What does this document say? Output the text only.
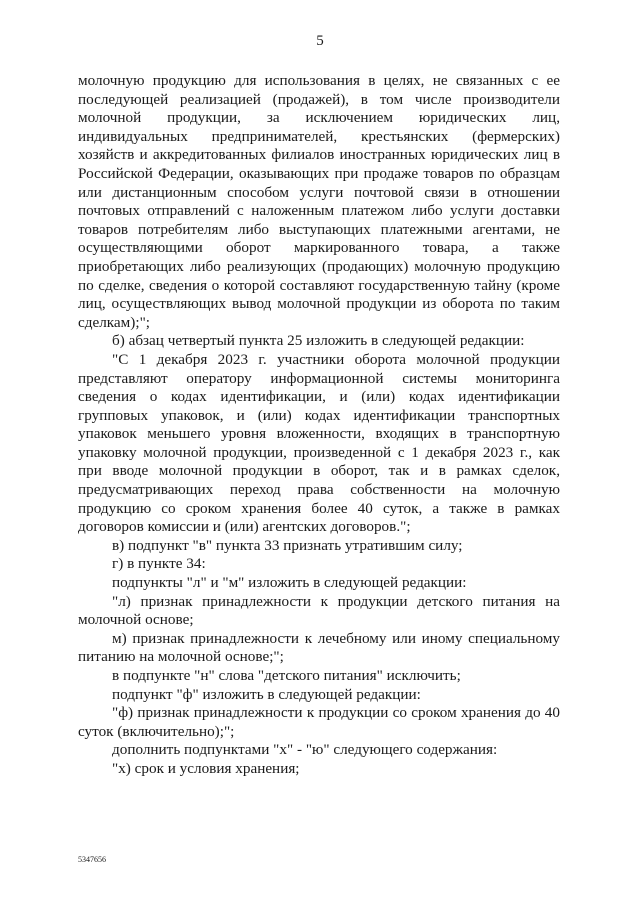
5

молочную продукцию для использования в целях, не связанных с ее последующей реализацией (продажей), в том числе производители молочной продукции, за исключением юридических лиц, индивидуальных предпринимателей, крестьянских (фермерских) хозяйств и аккредитованных филиалов иностранных юридических лиц в Российской Федерации, оказывающих при продаже товаров по образцам или дистанционным способом услуги почтовой связи в отношении почтовых отправлений с наложенным платежом либо услуги доставки товаров потребителям либо выступающих платежными агентами, не осуществляющими оборот маркированного товара, а также приобретающих либо реализующих (продающих) молочную продукцию по сделке, сведения о которой составляют государственную тайну (кроме лиц, осуществляющих вывод молочной продукции из оборота по таким сделкам);";

б) абзац четвертый пункта 25 изложить в следующей редакции:

"С 1 декабря 2023 г. участники оборота молочной продукции представляют оператору информационной системы мониторинга сведения о кодах идентификации, и (или) кодах идентификации групповых упаковок, и (или) кодах идентификации транспортных упаковок меньшего уровня вложенности, входящих в транспортную упаковку молочной продукции, произведенной с 1 декабря 2023 г., как при вводе молочной продукции в оборот, так и в рамках сделок, предусматривающих переход права собственности на молочную продукцию со сроком хранения более 40 суток, а также в рамках договоров комиссии и (или) агентских договоров.";

в) подпункт "в" пункта 33 признать утратившим силу;

г) в пункте 34:

подпункты "л" и "м" изложить в следующей редакции:

"л) признак принадлежности к продукции детского питания на молочной основе;

м) признак принадлежности к лечебному или иному специальному питанию на молочной основе;";

в подпункте "н" слова "детского питания" исключить;

подпункт "ф" изложить в следующей редакции:

"ф) признак принадлежности к продукции со сроком хранения до 40 суток (включительно);";

дополнить подпунктами "х" - "ю" следующего содержания:

"х) срок и условия хранения;

5347656
